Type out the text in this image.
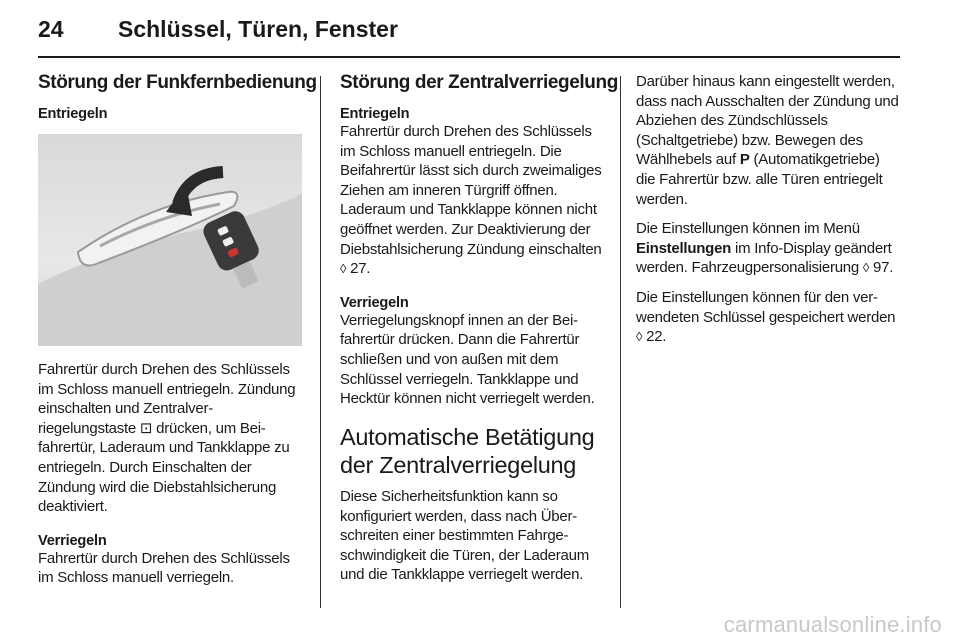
24 Schlüssel, Türen, Fenster
Störung der Funkfernbedienung
Entriegeln

Fahrertür durch Drehen des Schlüssels im Schloss manuell entriegeln. Zündung einschalten und Zentralverriegelungstaste ⊡ drücken, um Beifahrertür, Laderaum und Tankklappe zu entriegeln. Durch Einschalten der Zündung wird die Diebstahlsicherung deaktiviert.

Verriegeln

Fahrertür durch Drehen des Schlüssels im Schloss manuell verriegeln.

Störung der Zentralverriegelung
Entriegeln

Fahrertür durch Drehen des Schlüssels im Schloss manuell entriegeln. Die Beifahrertür lässt sich durch zweimaliges Ziehen am inneren Türgriff öffnen. Laderaum und Tankklappe können nicht geöffnet werden. Zur Deaktivierung der Diebstahlsicherung Zündung einschalten ◊ 27.

Verriegeln

Verriegelungsknopf innen an der Beifahrertür drücken. Dann die Fahrertür schließen und von außen mit dem Schlüssel verriegeln. Tankklappe und Hecktür können nicht verriegelt werden.

Automatische Betätigung der Zentralverriegelung

Diese Sicherheitsfunktion kann so konfiguriert werden, dass nach Überschreiten einer bestimmten Fahrgeschwindigkeit die Türen, der Laderaum und die Tankklappe verriegelt werden.

Darüber hinaus kann eingestellt werden, dass nach Ausschalten der Zündung und Abziehen des Zündschlüssels (Schaltgetriebe) bzw. Bewegen des Wählhebels auf P (Automatikgetriebe) die Fahrertür bzw. alle Türen entriegelt werden.

Die Einstellungen können im Menü Einstellungen im Info-Display geändert werden. Fahrzeugpersonalisierung ◊ 97.

Die Einstellungen können für den verwendeten Schlüssel gespeichert werden ◊ 22.

carmanualsonline.info
